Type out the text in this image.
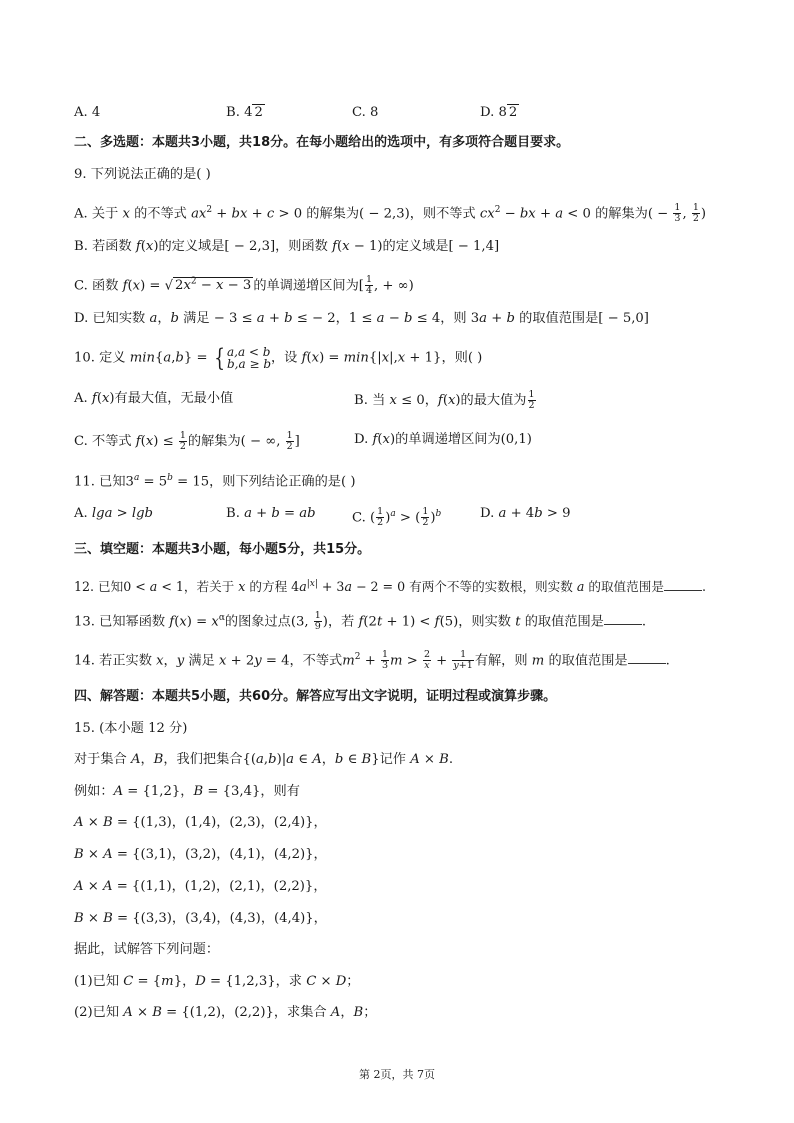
A. 4	B. 4 2	C. 8	D. 8 2
二、多选题：本题共3小题，共18分。在每小题给出的选项中，有多项符合题目要求。
9. 下列说法正确的是( )
A. 关于 x 的不等式 $ax^2$ + bx + c > 0 的解集为( − 2,3)，则不等式 $cx^2$ − bx + a < 0 的解集为( − $\frac{1}{3}$ , $\frac{1}{2}$ )
B. 若函数 f(x)的定义域是[ − 2,3]，则函数 f(x − 1)的定义域是[ − 1,4]
C. 函数 f(x) = √ $2x^2 - x - 3$ 的单调递增区间为[ $\frac{1}{4}$ , + ∞)
D. 已知实数 a，b 满足 − 3 ≤ a + b ≤ − 2，1 ≤ a − b ≤ 4，则 3a + b 的取值范围是[ − 5,0]
10. 定义 min{a,b} = { a,a < b
b,a ≥ b，设 f(x) = min{|x|,x + 1}，则( )
A. f(x)有最大值，无最小值	B. 当 x ≤ 0，f(x)的最大值为 $\frac{1}{2}$
C. 不等式 $f(x) \le \frac{1}{2}$ 的解集为( − ∞, $\frac{1}{2}$ ]	D. f(x)的单调递增区间为(0,1)
11. 已知$3^a = 5^b = 15$，则下列结论正确的是( )
A. lga > lgb	B. a + b = ab	C. ( $\frac{1}{2} )^a$ > ( $\frac{1}{2} )^b$	D. a + 4b > 9
三、填空题：本题共3小题，每小题5分，共15分。
12. 已知0 < a < 1，若关于 x 的方程 $4a^{|x|} + 3a - 2 = 0$ 有两个不等的实数根，则实数 a 的取值范围是	.
13. 已知幂函数 $f(x) = x^\alpha$的图象过点(3, $\frac{1}{9}$ )，若 f(2t + 1) < f(5)，则实数 t 的取值范围是	.
14. 若正实数 x，y 满足 x + 2y = 4，不等式$m^2 + \frac{1}{3}$ $m > \frac{2}{x} + \frac{1}{y+1}$ 有解，则 m 的取值范围是	.
四、解答题：本题共5小题，共60分。解答应写出文字说明，证明过程或演算步骤。
15. (本小题 12 分)
对于集合 A，B，我们把集合{(a,b)|a ∈ A，b ∈ B}记作 A × B.
例如：A = {1,2}，B = {3,4}，则有
A × B = {(1,3)，(1,4)，(2,3)，(2,4)}，
B × A = {(3,1)，(3,2)，(4,1)，(4,2)}，
A × A = {(1,1)，(1,2)，(2,1)，(2,2)}，
B × B = {(3,3)，(3,4)，(4,3)，(4,4)}，
据此，试解答下列问题：
(1)已知 C = {m}，D = {1,2,3}，求 C × D；
(2)已知 A × B = {(1,2)，(2,2)}，求集合 A，B；
第 2页，共 7页
